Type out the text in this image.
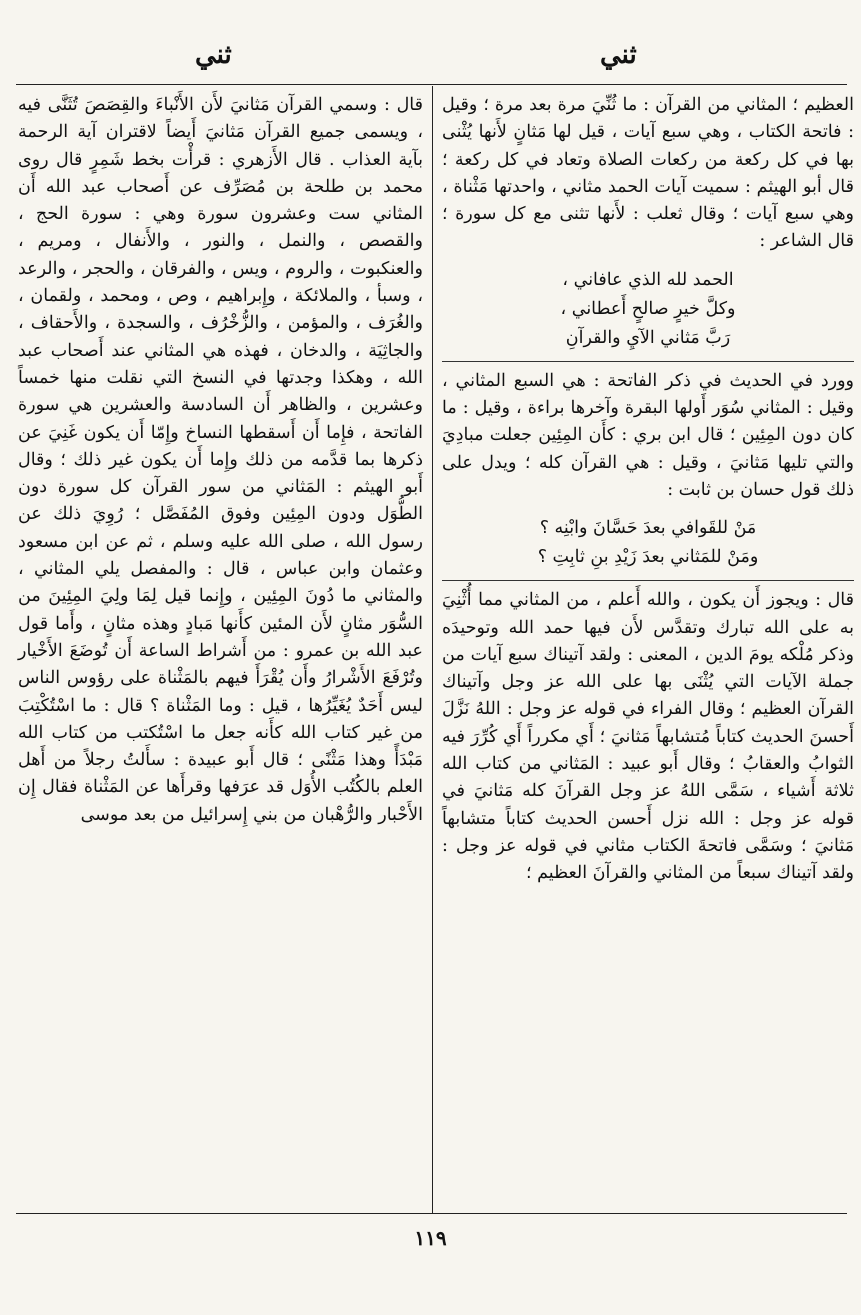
ثني
ثني

العظيم ؛ المثاني من القرآن : ما ثُنِّيَ مرة بعد مرة ؛ وقيل : فاتحة الكتاب ، وهي سبع آيات ، قيل لها مَثانٍ لأَنها يُثْنى بها في كل ركعة من ركعات الصلاة وتعاد في كل ركعة ؛ قال أبو الهيثم : سميت آيات الحمد مثاني ، واحدتها مَثْناة ، وهي سبع آيات ؛ وقال ثعلب : لأَنها تثنى مع كل سورة ؛ قال الشاعر :

الحمد لله الذي عافاني ،
وكلَّ خيرٍ صالحٍ أَعطاني ،
رَبَّ مَثاني الآيِ والقرآنِ

وورد في الحديث في ذكر الفاتحة : هي السبع المثاني ، وقيل : المثاني سُوَر أَولها البقرة وآخرها براءة ، وقيل : ما كان دون المِئِين ؛ قال ابن بري : كأَن المِئِين جعلت مبادِيَ والتي تليها مَثانيَ ، وقيل : هي القرآن كله ؛ ويدل على ذلك قول حسان بن ثابت :

مَنْ للقَوافي بعدَ حَسَّانَ وابْنِه ؟
ومَنْ للمَثاني بعدَ زَيْدِ بنِ ثابِتِ ؟

قال : ويجوز أَن يكون ، والله أَعلم ، من المثاني مما أُثْنِيَ به على الله تبارك وتقدَّس لأَن فيها حمد الله وتوحيدَه وذكر مُلْكه يومَ الدين ، المعنى : ولقد آتيناك سبع آيات من جملة الآيات التي يُثْنَى بها على الله عز وجل وآتيناك القرآن العظيم ؛ وقال الفراء في قوله عز وجل : اللهُ نَزَّلَ أَحسنَ الحديث كتاباً مُتشابهاً مَثانيَ ؛ أَي مكرراً أَي كُرِّرَ فيه الثوابُ والعقابُ ؛ وقال أَبو عبيد : المَثاني من كتاب الله ثلاثة أَشياء ، سَمَّى اللهُ عز وجل القرآنَ كله مَثانيَ في قوله عز وجل : الله نزل أَحسن الحديث كتاباً متشابهاً مَثانيَ ؛ وسَمَّى فاتحةَ الكتاب مثاني في قوله عز وجل : ولقد آتيناك سبعاً من المثاني والقرآنَ العظيم ؛

قال : وسمي القرآن مَثانيَ لأَن الأَنْباءَ والقِصَصَ تُثَنَّى فيه ، ويسمى جميع القرآن مَثانيَ أَيضاً لاقتران آية الرحمة بآية العذاب . قال الأَزهري : قرأْت بخط شَمِرٍ قال روى محمد بن طلحة بن مُصَرِّف عن أَصحاب عبد الله أَن المثاني ست وعشرون سورة وهي : سورة الحج ، والقصص ، والنمل ، والنور ، والأَنفال ، ومريم ، والعنكبوت ، والروم ، ويس ، والفرقان ، والحجر ، والرعد ، وسبأ ، والملائكة ، وإِبراهيم ، وص ، ومحمد ، ولقمان ، والغُرَف ، والمؤمن ، والزُّخْرُف ، والسجدة ، والأَحقاف ، والجاثِيَة ، والدخان ، فهذه هي المثاني عند أَصحاب عبد الله ، وهكذا وجدتها في النسخ التي نقلت منها خمساً وعشرين ، والظاهر أَن السادسة والعشرين هي سورة الفاتحة ، فإِما أَن أَسقطها النساخ وإِمّا أَن يكون غَنِيَ عن ذكرها بما قدَّمه من ذلك وإِما أَن يكون غير ذلك ؛ وقال أَبو الهيثم : المَثاني من سور القرآن كل سورة دون الطُّوَل ودون المِئِين وفوق المُفَصَّل ؛ رُوِيَ ذلك عن رسول الله ، صلى الله عليه وسلم ، ثم عن ابن مسعود وعثمان وابن عباس ، قال : والمفصل يلي المثاني ، والمثاني ما دُونَ المِئِين ، وإِنما قيل لِمَا ولِيَ المِئِينَ من السُّوَر مثانٍ لأَن المئين كأَنها مَبادٍ وهذه مثانٍ ، وأَما قول عبد الله بن عمرو : من أَشراط الساعة أَن تُوضَعَ الأَخْيار وتُرْفَعَ الأَشْرارُ وأَن يُقْرَأَ فيهم بالمَثْناة على رؤوس الناس ليس أَحَدٌ يُغَيِّرُها ، قيل : وما المَثْناة ؟ قال : ما اسْتُكْتِبَ من غير كتاب الله كأَنه جعل ما اسْتُكتب من كتاب الله مَبْدَأً وهذا مَثْنًى ؛ قال أَبو عبيدة : سأَلتُ رجلاً من أَهل العلم بالكُتُب الأُوَل قد عرَفها وقرأَها عن المَثْناة فقال إِن الأَحْبار والرُّهْبان من بني إِسرائيل من بعد موسى

١١٩
